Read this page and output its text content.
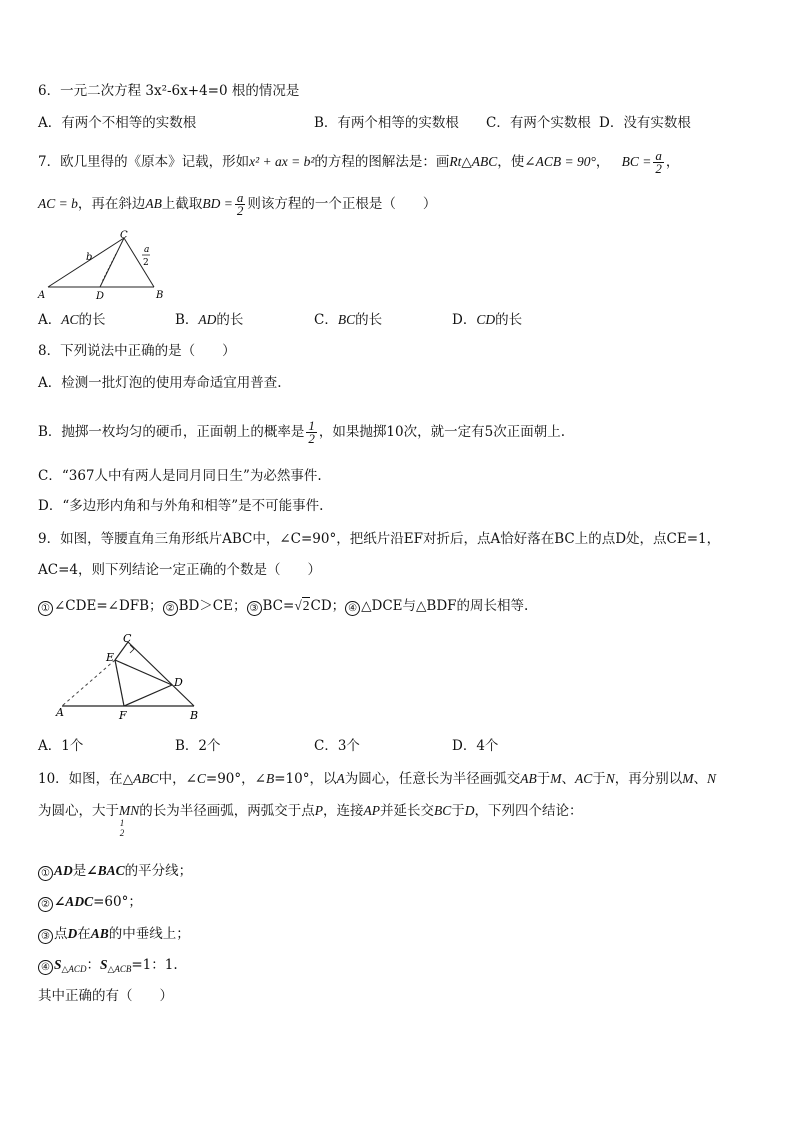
6．一元二次方程 3x²-6x+4=0 根的情况是
A．有两个不相等的实数根	B．有两个相等的实数根 C．有两个实数根 D．没有实数根
7．欧几里得的《原本》记载，形如x² + ax = b²的方程的图解法是：画Rt△ABC，使∠ACB = 90°， BC = $\frac{a}{2}$ ，
AC = b，再在斜边AB上截取BD = $\frac{a}{2}$ 则该方程的一个正根是（　　）
A	B
C
D
b
a
2
A．AC的长	B．AD的长	C．BC的长	D．CD的长
8．下列说法中正确的是（　　）
A．检测一批灯泡的使用寿命适宜用普查.
B．抛掷一枚均匀的硬币，正面朝上的概率是 $\frac{1}{2}$ ，如果抛掷10次，就一定有5次正面朝上.
C．“367人中有两人是同月同日生”为必然事件.
D．“多边形内角和与外角和相等”是不可能事件.
9．如图，等腰直角三角形纸片ABC中，∠C=90°，把纸片沿EF对折后，点A恰好落在BC上的点D处，点CE=1，
AC=4，则下列结论一定正确的个数是（　　）
① ∠CDE=∠DFB； ② BD＞CE； ③ BC=√2CD； ④ △DCE与△BDF的周长相等.
C
E
D
A	F	B
A．1个	B．2个	C．3个	D．4个
10．如图，在△ABC中，∠C=90°，∠B=10°，以A为圆心，任意长为半径画弧交AB于M、AC于N，再分别以M、N
为圆心，大于MN的长为半径画弧，两弧交于点P，连接AP并延长交BC于D，下列四个结论：
1 2
① AD是∠BAC的平分线；
② ∠ADC=60°；
③ 点D在AB的中垂线上；
④ $S_{\triangle ACD}$：$S_{\triangle ACB}=1$：1.
其中正确的有（　　）
